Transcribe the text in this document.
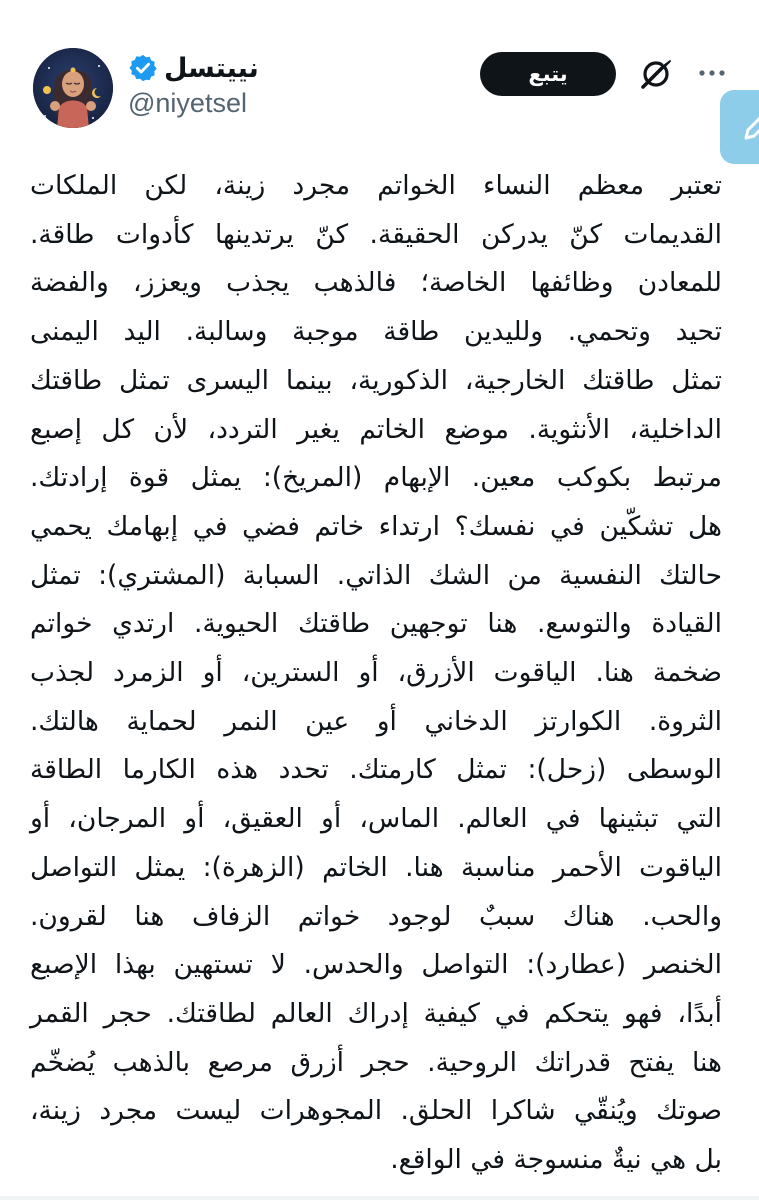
نييتسل
@niyetsel
يتبع
تعتبر معظم النساء الخواتم مجرد زينة، لكن الملكات
القديمات كنّ يدركن الحقيقة. كنّ يرتدينها كأدوات طاقة.
للمعادن وظائفها الخاصة؛ فالذهب يجذب ويعزز، والفضة
تحيد وتحمي. ولليدين طاقة موجبة وسالبة. اليد اليمنى
تمثل طاقتك الخارجية، الذكورية، بينما اليسرى تمثل طاقتك
الداخلية، الأنثوية. موضع الخاتم يغير التردد، لأن كل إصبع
مرتبط بكوكب معين. الإبهام (المريخ): يمثل قوة إرادتك.
هل تشكّين في نفسك؟ ارتداء خاتم فضي في إبهامك يحمي
حالتك النفسية من الشك الذاتي. السبابة (المشتري): تمثل
القيادة والتوسع. هنا توجهين طاقتك الحيوية. ارتدي خواتم
ضخمة هنا. الياقوت الأزرق، أو السترين، أو الزمرد لجذب
الثروة. الكوارتز الدخاني أو عين النمر لحماية هالتك.
الوسطى (زحل): تمثل كارمتك. تحدد هذه الكارما الطاقة
التي تبثينها في العالم. الماس، أو العقيق، أو المرجان، أو
الياقوت الأحمر مناسبة هنا. الخاتم (الزهرة): يمثل التواصل
والحب. هناك سببٌ لوجود خواتم الزفاف هنا لقرون.
الخنصر (عطارد): التواصل والحدس. لا تستهين بهذا الإصبع
أبدًا، فهو يتحكم في كيفية إدراك العالم لطاقتك. حجر القمر
هنا يفتح قدراتك الروحية. حجر أزرق مرصع بالذهب يُضخّم
صوتك ويُنقّي شاكرا الحلق. المجوهرات ليست مجرد زينة،
بل هي نيةٌ منسوجة في الواقع.
